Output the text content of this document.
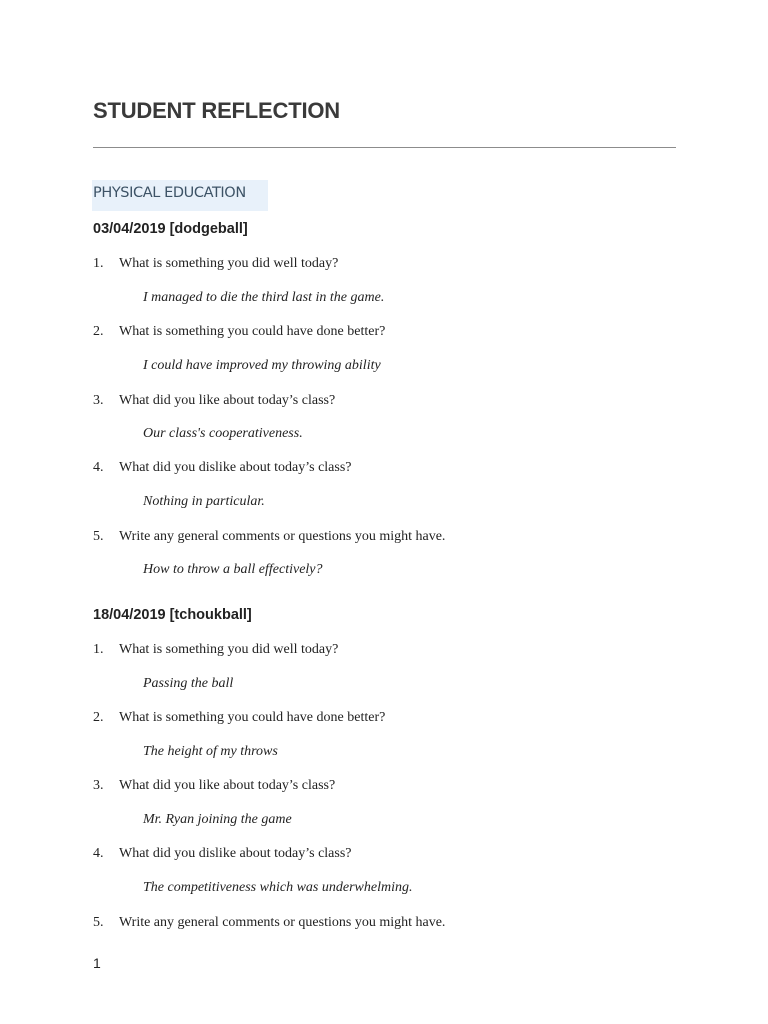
STUDENT REFLECTION
PHYSICAL EDUCATION
03/04/2019 [dodgeball]
1. What is something you did well today?
I managed to die the third last in the game.
2. What is something you could have done better?
I could have improved my throwing ability
3. What did you like about today’s class?
Our class's cooperativeness.
4. What did you dislike about today’s class?
Nothing in particular.
5. Write any general comments or questions you might have.
How to throw a ball effectively?
18/04/2019 [tchoukball]
1. What is something you did well today?
Passing the ball
2. What is something you could have done better?
The height of my throws
3. What did you like about today’s class?
Mr. Ryan joining the game
4. What did you dislike about today’s class?
The competitiveness which was underwhelming.
5. Write any general comments or questions you might have.
1
